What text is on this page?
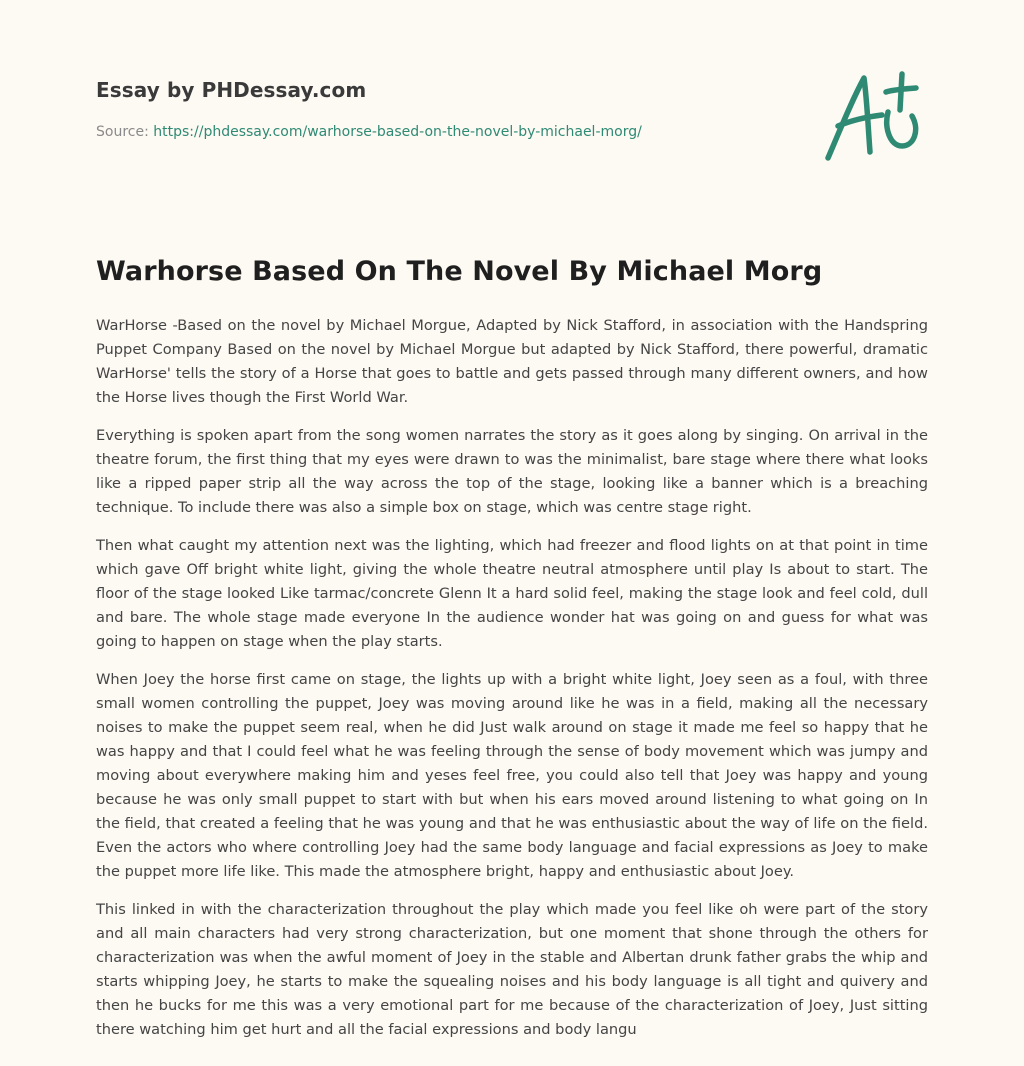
Essay by PHDessay.com
Source: https://phdessay.com/warhorse-based-on-the-novel-by-michael-morg/
Warhorse Based On The Novel By Michael Morg

WarHorse -Based on the novel by Michael Morgue, Adapted by Nick Stafford, in association with the Handspring Puppet Company Based on the novel by Michael Morgue but adapted by Nick Stafford, there powerful, dramatic WarHorse' tells the story of a Horse that goes to battle and gets passed through many different owners, and how the Horse lives though the First World War.

Everything is spoken apart from the song women narrates the story as it goes along by singing. On arrival in the theatre forum, the first thing that my eyes were drawn to was the minimalist, bare stage where there what looks like a ripped paper strip all the way across the top of the stage, looking like a banner which is a breaching technique. To include there was also a simple box on stage, which was centre stage right.

Then what caught my attention next was the lighting, which had freezer and flood lights on at that point in time which gave Off bright white light, giving the whole theatre neutral atmosphere until play Is about to start. The floor of the stage looked Like tarmac/concrete Glenn It a hard solid feel, making the stage look and feel cold, dull and bare. The whole stage made everyone In the audience wonder hat was going on and guess for what was going to happen on stage when the play starts.

When Joey the horse first came on stage, the lights up with a bright white light, Joey seen as a foul, with three small women controlling the puppet, Joey was moving around like he was in a field, making all the necessary noises to make the puppet seem real, when he did Just walk around on stage it made me feel so happy that he was happy and that I could feel what he was feeling through the sense of body movement which was jumpy and moving about everywhere making him and yeses feel free, you could also tell that Joey was happy and young because he was only small puppet to start with but when his ears moved around listening to what going on In the field, that created a feeling that he was young and that he was enthusiastic about the way of life on the field. Even the actors who where controlling Joey had the same body language and facial expressions as Joey to make the puppet more life like. This made the atmosphere bright, happy and enthusiastic about Joey.

This linked in with the characterization throughout the play which made you feel like oh were part of the story and all main characters had very strong characterization, but one moment that shone through the others for characterization was when the awful moment of Joey in the stable and Albertan drunk father grabs the whip and starts whipping Joey, he starts to make the squealing noises and his body language is all tight and quivery and then he bucks for me this was a very emotional part for me because of the characterization of Joey, Just sitting there watching him get hurt and all the facial expressions and body langu
